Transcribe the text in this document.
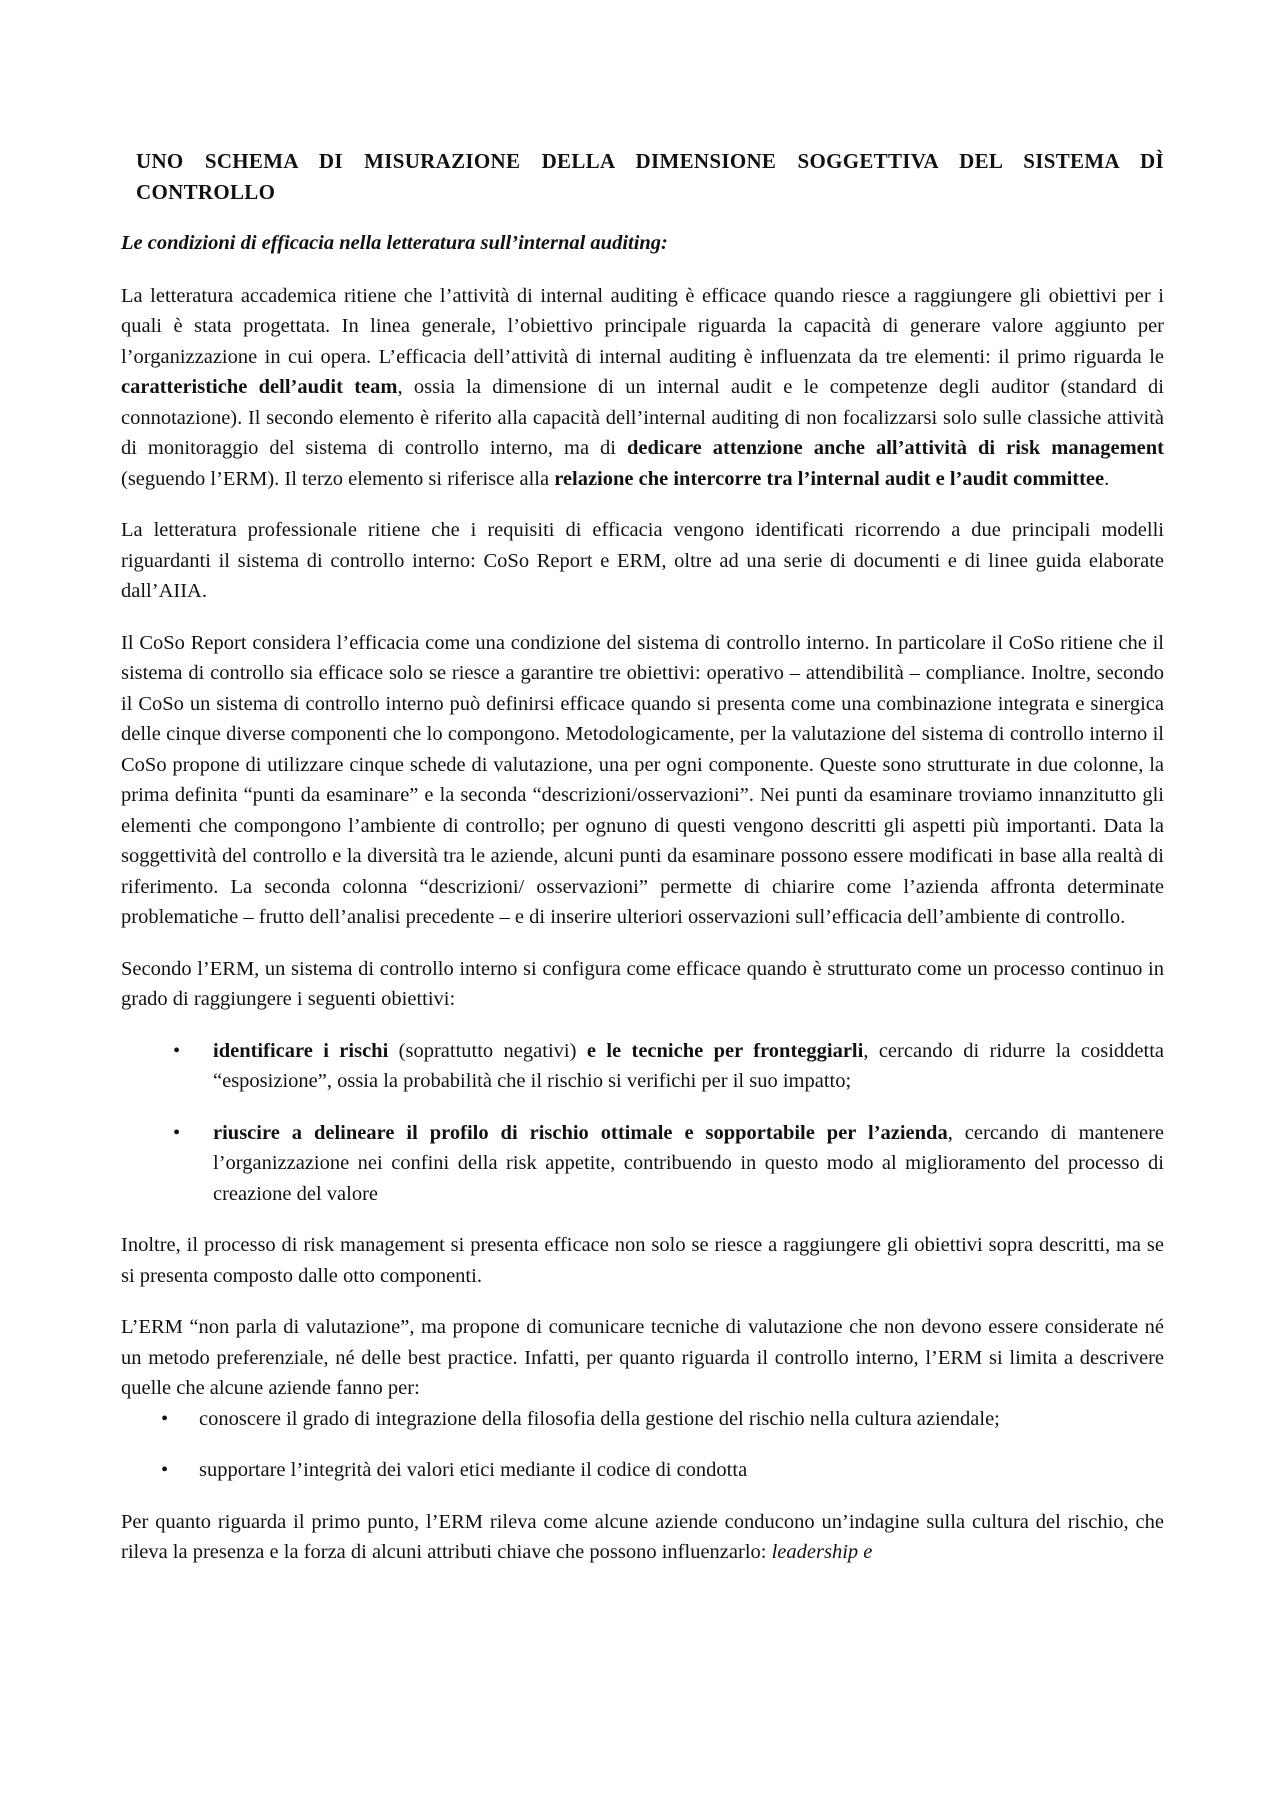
UNO SCHEMA DI MISURAZIONE DELLA DIMENSIONE SOGGETTIVA DEL SISTEMA DÌ CONTROLLO
Le condizioni di efficacia nella letteratura sull’internal auditing:

La letteratura accademica ritiene che l’attività di internal auditing è efficace quando riesce a raggiungere gli obiettivi per i quali è stata progettata. In linea generale, l’obiettivo principale riguarda la capacità di generare valore aggiunto per l’organizzazione in cui opera. L’efficacia dell’attività di internal auditing è influenzata da tre elementi: il primo riguarda le caratteristiche dell’audit team, ossia la dimensione di un internal audit e le competenze degli auditor (standard di connotazione). Il secondo elemento è riferito alla capacità dell’internal auditing di non focalizzarsi solo sulle classiche attività di monitoraggio del sistema di controllo interno, ma di dedicare attenzione anche all’attività di risk management (seguendo l’ERM). Il terzo elemento si riferisce alla relazione che intercorre tra l’internal audit e l’audit committee.

La letteratura professionale ritiene che i requisiti di efficacia vengono identificati ricorrendo a due principali modelli riguardanti il sistema di controllo interno: CoSo Report e ERM, oltre ad una serie di documenti e di linee guida elaborate dall’AIIA.

Il CoSo Report considera l’efficacia come una condizione del sistema di controllo interno. In particolare il CoSo ritiene che il sistema di controllo sia efficace solo se riesce a garantire tre obiettivi: operativo – attendibilità – compliance. Inoltre, secondo il CoSo un sistema di controllo interno può definirsi efficace quando si presenta come una combinazione integrata e sinergica delle cinque diverse componenti che lo compongono. Metodologicamente, per la valutazione del sistema di controllo interno il CoSo propone di utilizzare cinque schede di valutazione, una per ogni componente. Queste sono strutturate in due colonne, la prima definita “punti da esaminare” e la seconda “descrizioni/osservazioni”. Nei punti da esaminare troviamo innanzitutto gli elementi che compongono l’ambiente di controllo; per ognuno di questi vengono descritti gli aspetti più importanti. Data la soggettività del controllo e la diversità tra le aziende, alcuni punti da esaminare possono essere modificati in base alla realtà di riferimento. La seconda colonna “descrizioni/ osservazioni” permette di chiarire come l’azienda affronta determinate problematiche – frutto dell’analisi precedente – e di inserire ulteriori osservazioni sull’efficacia dell’ambiente di controllo.

Secondo l’ERM, un sistema di controllo interno si configura come efficace quando è strutturato come un processo continuo in grado di raggiungere i seguenti obiettivi:

• identificare i rischi (soprattutto negativi) e le tecniche per fronteggiarli, cercando di ridurre la cosiddetta “esposizione”, ossia la probabilità che il rischio si verifichi per il suo impatto;
• riuscire a delineare il profilo di rischio ottimale e sopportabile per l’azienda, cercando di mantenere l’organizzazione nei confini della risk appetite, contribuendo in questo modo al miglioramento del processo di creazione del valore

Inoltre, il processo di risk management si presenta efficace non solo se riesce a raggiungere gli obiettivi sopra descritti, ma se si presenta composto dalle otto componenti.

L’ERM “non parla di valutazione”, ma propone di comunicare tecniche di valutazione che non devono essere considerate né un metodo preferenziale, né delle best practice. Infatti, per quanto riguarda il controllo interno, l’ERM si limita a descrivere quelle che alcune aziende fanno per:

• conoscere il grado di integrazione della filosofia della gestione del rischio nella cultura aziendale;
• supportare l’integrità dei valori etici mediante il codice di condotta

Per quanto riguarda il primo punto, l’ERM rileva come alcune aziende conducono un’indagine sulla cultura del rischio, che rileva la presenza e la forza di alcuni attributi chiave che possono influenzarlo: leadership e
